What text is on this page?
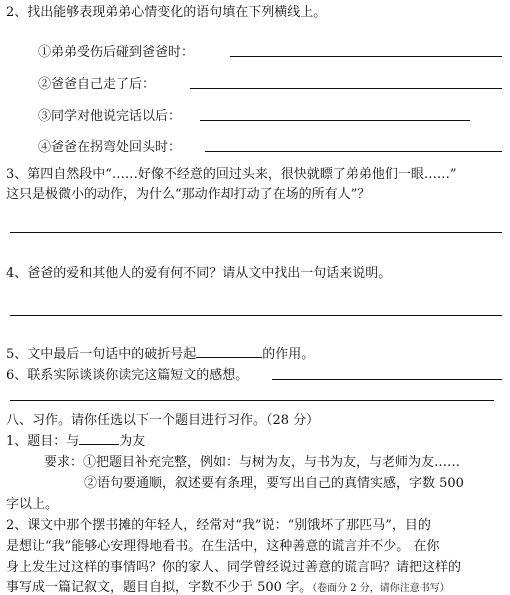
2、找出能够表现弟弟心情变化的语句填在下列横线上。
①弟弟受伤后碰到爸爸时：
②爸爸自己走了后：
③同学对他说完话以后：
④爸爸在拐弯处回头时：
3、第四自然段中“……好像不经意的回过头来，很快就瞟了弟弟他们一眼……”
这只是极微小的动作，为什么“那动作却打动了在场的所有人”？
4、爸爸的爱和其他人的爱有何不同？请从文中找出一句话来说明。
5、文中最后一句话中的破折号起	的作用。
6、联系实际谈谈你读完这篇短文的感想。
八、习作。请你任选以下一个题目进行习作。（28 分）
1、题目：与	为友
要求：①把题目补充完整，例如：与树为友，与书为友，与老师为友……
②语句要通顺，叙述要有条理，要写出自己的真情实感，字数 500
字以上。
2、课文中那个摆书摊的年轻人，经常对“我”说：“别饿坏了那匹马”，目的
是想让“我”能够心安理得地看书。在生活中，这种善意的谎言并不少。 在你
身上发生过这样的事情吗？你的家人、同学曾经说过善意的谎言吗？请把这样的
事写成一篇记叙文，题目自拟，字数不少于 500 字。（卷面分 2 分，请你注意书写）
